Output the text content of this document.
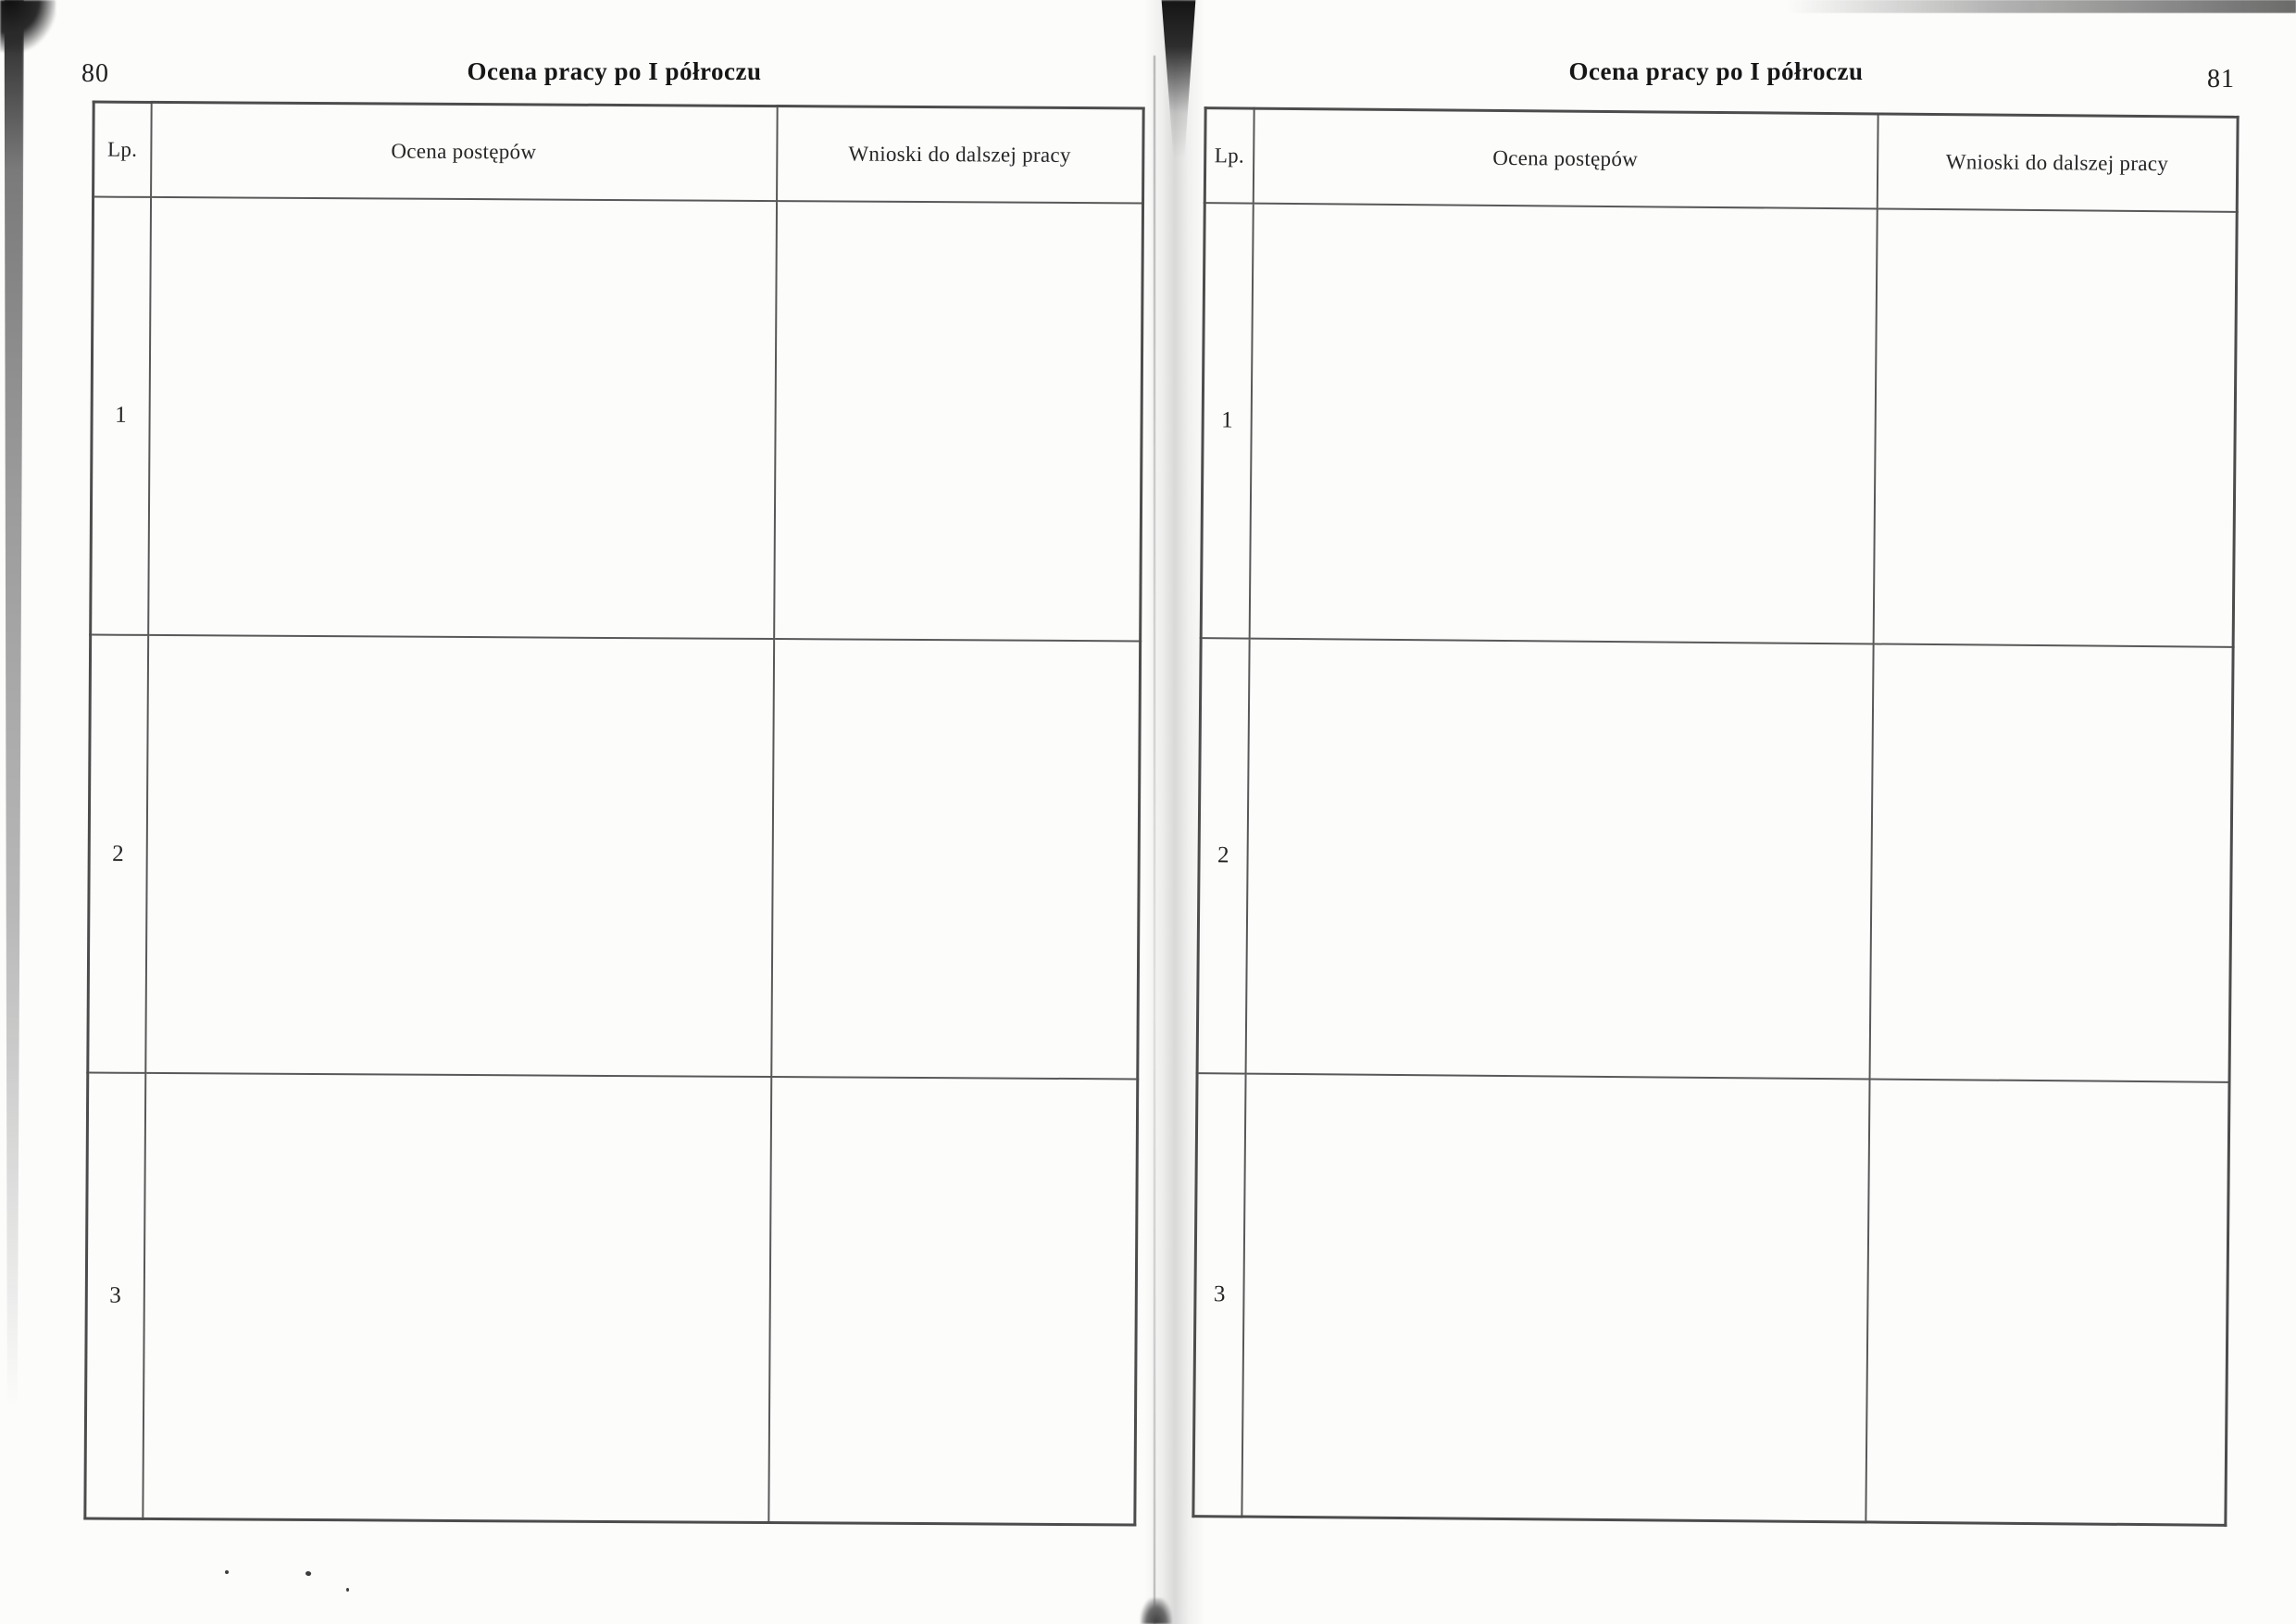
80	Ocena pracy po I półroczu
Lp.	Ocena postępów	Wnioski do dalszej pracy
1		
2		
3		
Ocena pracy po I półroczu	81
Lp.	Ocena postępów	Wnioski do dalszej pracy
1		
2		
3		
